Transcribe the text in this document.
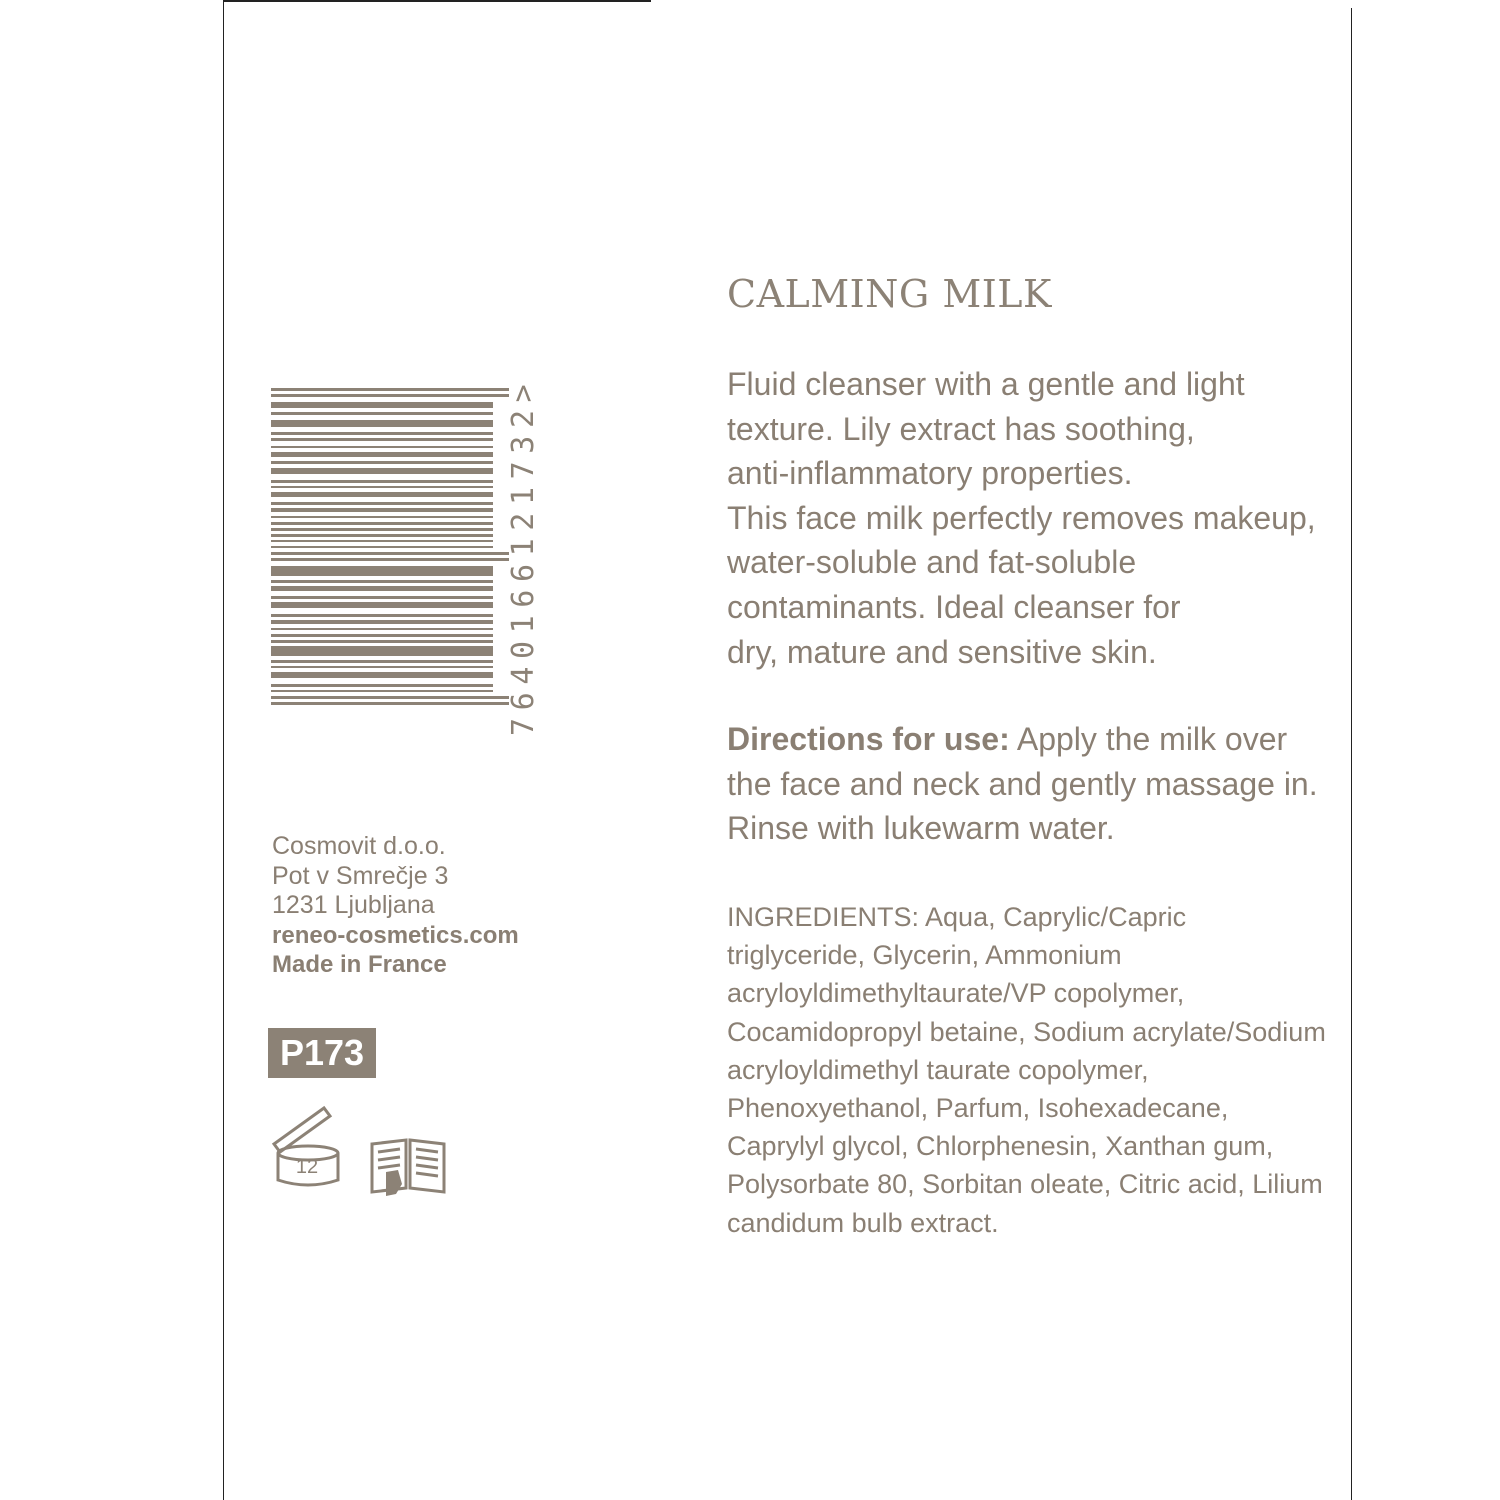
7640166121732>
Cosmovit d.o.o.
Pot v Smrečje 3
1231 Ljubljana
reneo-cosmetics.com
Made in France
P173
12
CALMING MILK
Fluid cleanser with a gentle and light
texture. Lily extract has soothing,
anti-inflammatory properties.
This face milk perfectly removes makeup,
water-soluble and fat-soluble
contaminants. Ideal cleanser for
dry, mature and sensitive skin.
Directions for use: Apply the milk over
the face and neck and gently massage in.
Rinse with lukewarm water.
INGREDIENTS: Aqua, Caprylic/Capric
triglyceride, Glycerin, Ammonium
acryloyldimethyltaurate/VP copolymer,
Cocamidopropyl betaine, Sodium acrylate/Sodium
acryloyldimethyl taurate copolymer,
Phenoxyethanol, Parfum, Isohexadecane,
Caprylyl glycol, Chlorphenesin, Xanthan gum,
Polysorbate 80, Sorbitan oleate, Citric acid, Lilium
candidum bulb extract.
